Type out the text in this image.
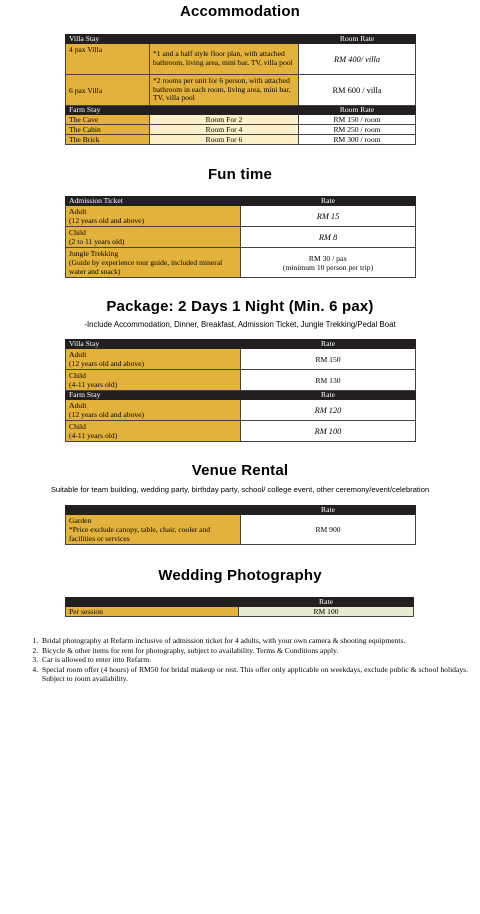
Accommodation
Villa Stay		Room Rate
4 pax Villa	*1 and a half style floor plan, with attached bathroom, living area, mini bar, TV, villa pool	RM 400/ villa
6 pax Villa	*2 rooms per unit for 6 person, with attached bathroom in each room, living area, mini bar, TV, villa pool	RM 600 / villa
Farm Stay		Room Rate
The Cave	Room For 2	RM 150 / room
The Cabin	Room For 4	RM 250 / room
The Brick	Room For 6	RM 300 / room
Fun time
Admission Ticket	Rate
Adult
(12 years old and above)	RM 15
Child
(2 to 11 years old)	RM 8
Jungle Trekking
(Guide by experience tour guide, included mineral water and snack)	RM 30 / pax
(minimum 10 person per trip)
Package: 2 Days 1 Night (Min. 6 pax)
-Include Accommodation, Dinner, Breakfast, Admission Ticket, Jungle Trekking/Pedal Boat
Villa Stay	Rate
Adult
(12 years old and above)	RM 150
Child
(4-11 years old)	RM 130
Farm Stay	Rate
Adult
(12 years old and above)	RM 120
Child
(4-11 years old)	RM 100
Venue Rental
Suitable for team building, wedding party, birthday party, school/ college event, other ceremony/event/celebration
	Rate
Garden
*Price exclude canopy, table, chair, cooler and facilities or services	RM 900
Wedding Photography
	Rate
Per session	RM 100
1. Bridal photography at Refarm inclusive of admission ticket for 4 adults, with your own camera & shooting equipments.
2. Bicycle & other items for rent for photography, subject to availability. Terms & Conditions apply.
3. Car is allowed to enter into Refarm.
4. Special room offer (4 hours) of RM50 for bridal makeup or rest. This offer only applicable on weekdays, exclude public & school holidays. Subject to room availability.
